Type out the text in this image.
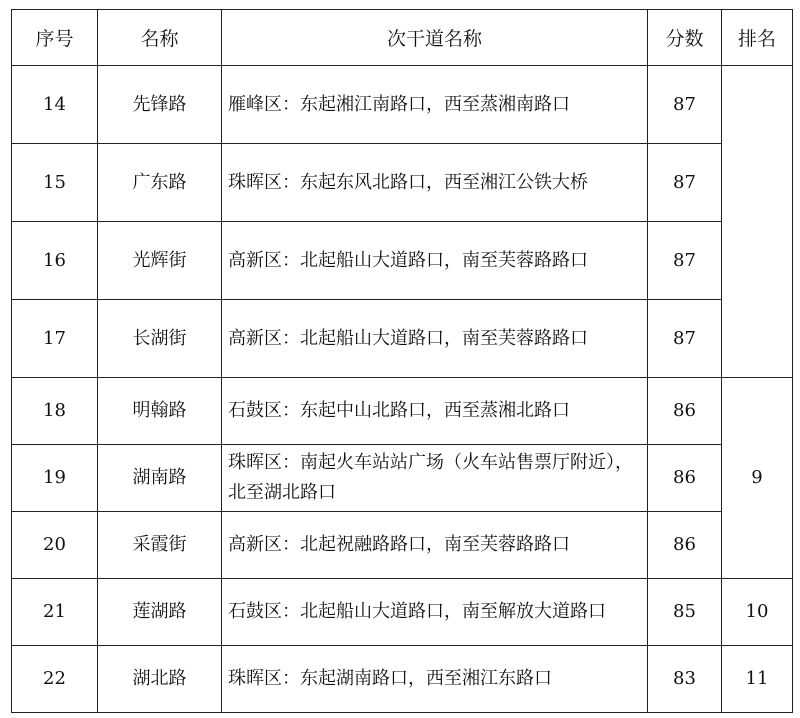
序号	名称	次干道名称	分数	排名
14	先锋路	雁峰区：东起湘江南路口，西至蒸湘南路口	87	
15	广东路	珠晖区：东起东风北路口，西至湘江公铁大桥	87	
16	光辉街	高新区：北起船山大道路口，南至芙蓉路路口	87	
17	长湖街	高新区：北起船山大道路口，南至芙蓉路路口	87	
18	明翰路	石鼓区：东起中山北路口，西至蒸湘北路口	86	9
19	湖南路	珠晖区：南起火车站站广场（火车站售票厅附近），北至湖北路口	86	
20	采霞街	高新区：北起祝融路路口，南至芙蓉路路口	86	
21	莲湖路	石鼓区：北起船山大道路口，南至解放大道路口	85	10
22	湖北路	珠晖区：东起湖南路口，西至湘江东路口	83	11
